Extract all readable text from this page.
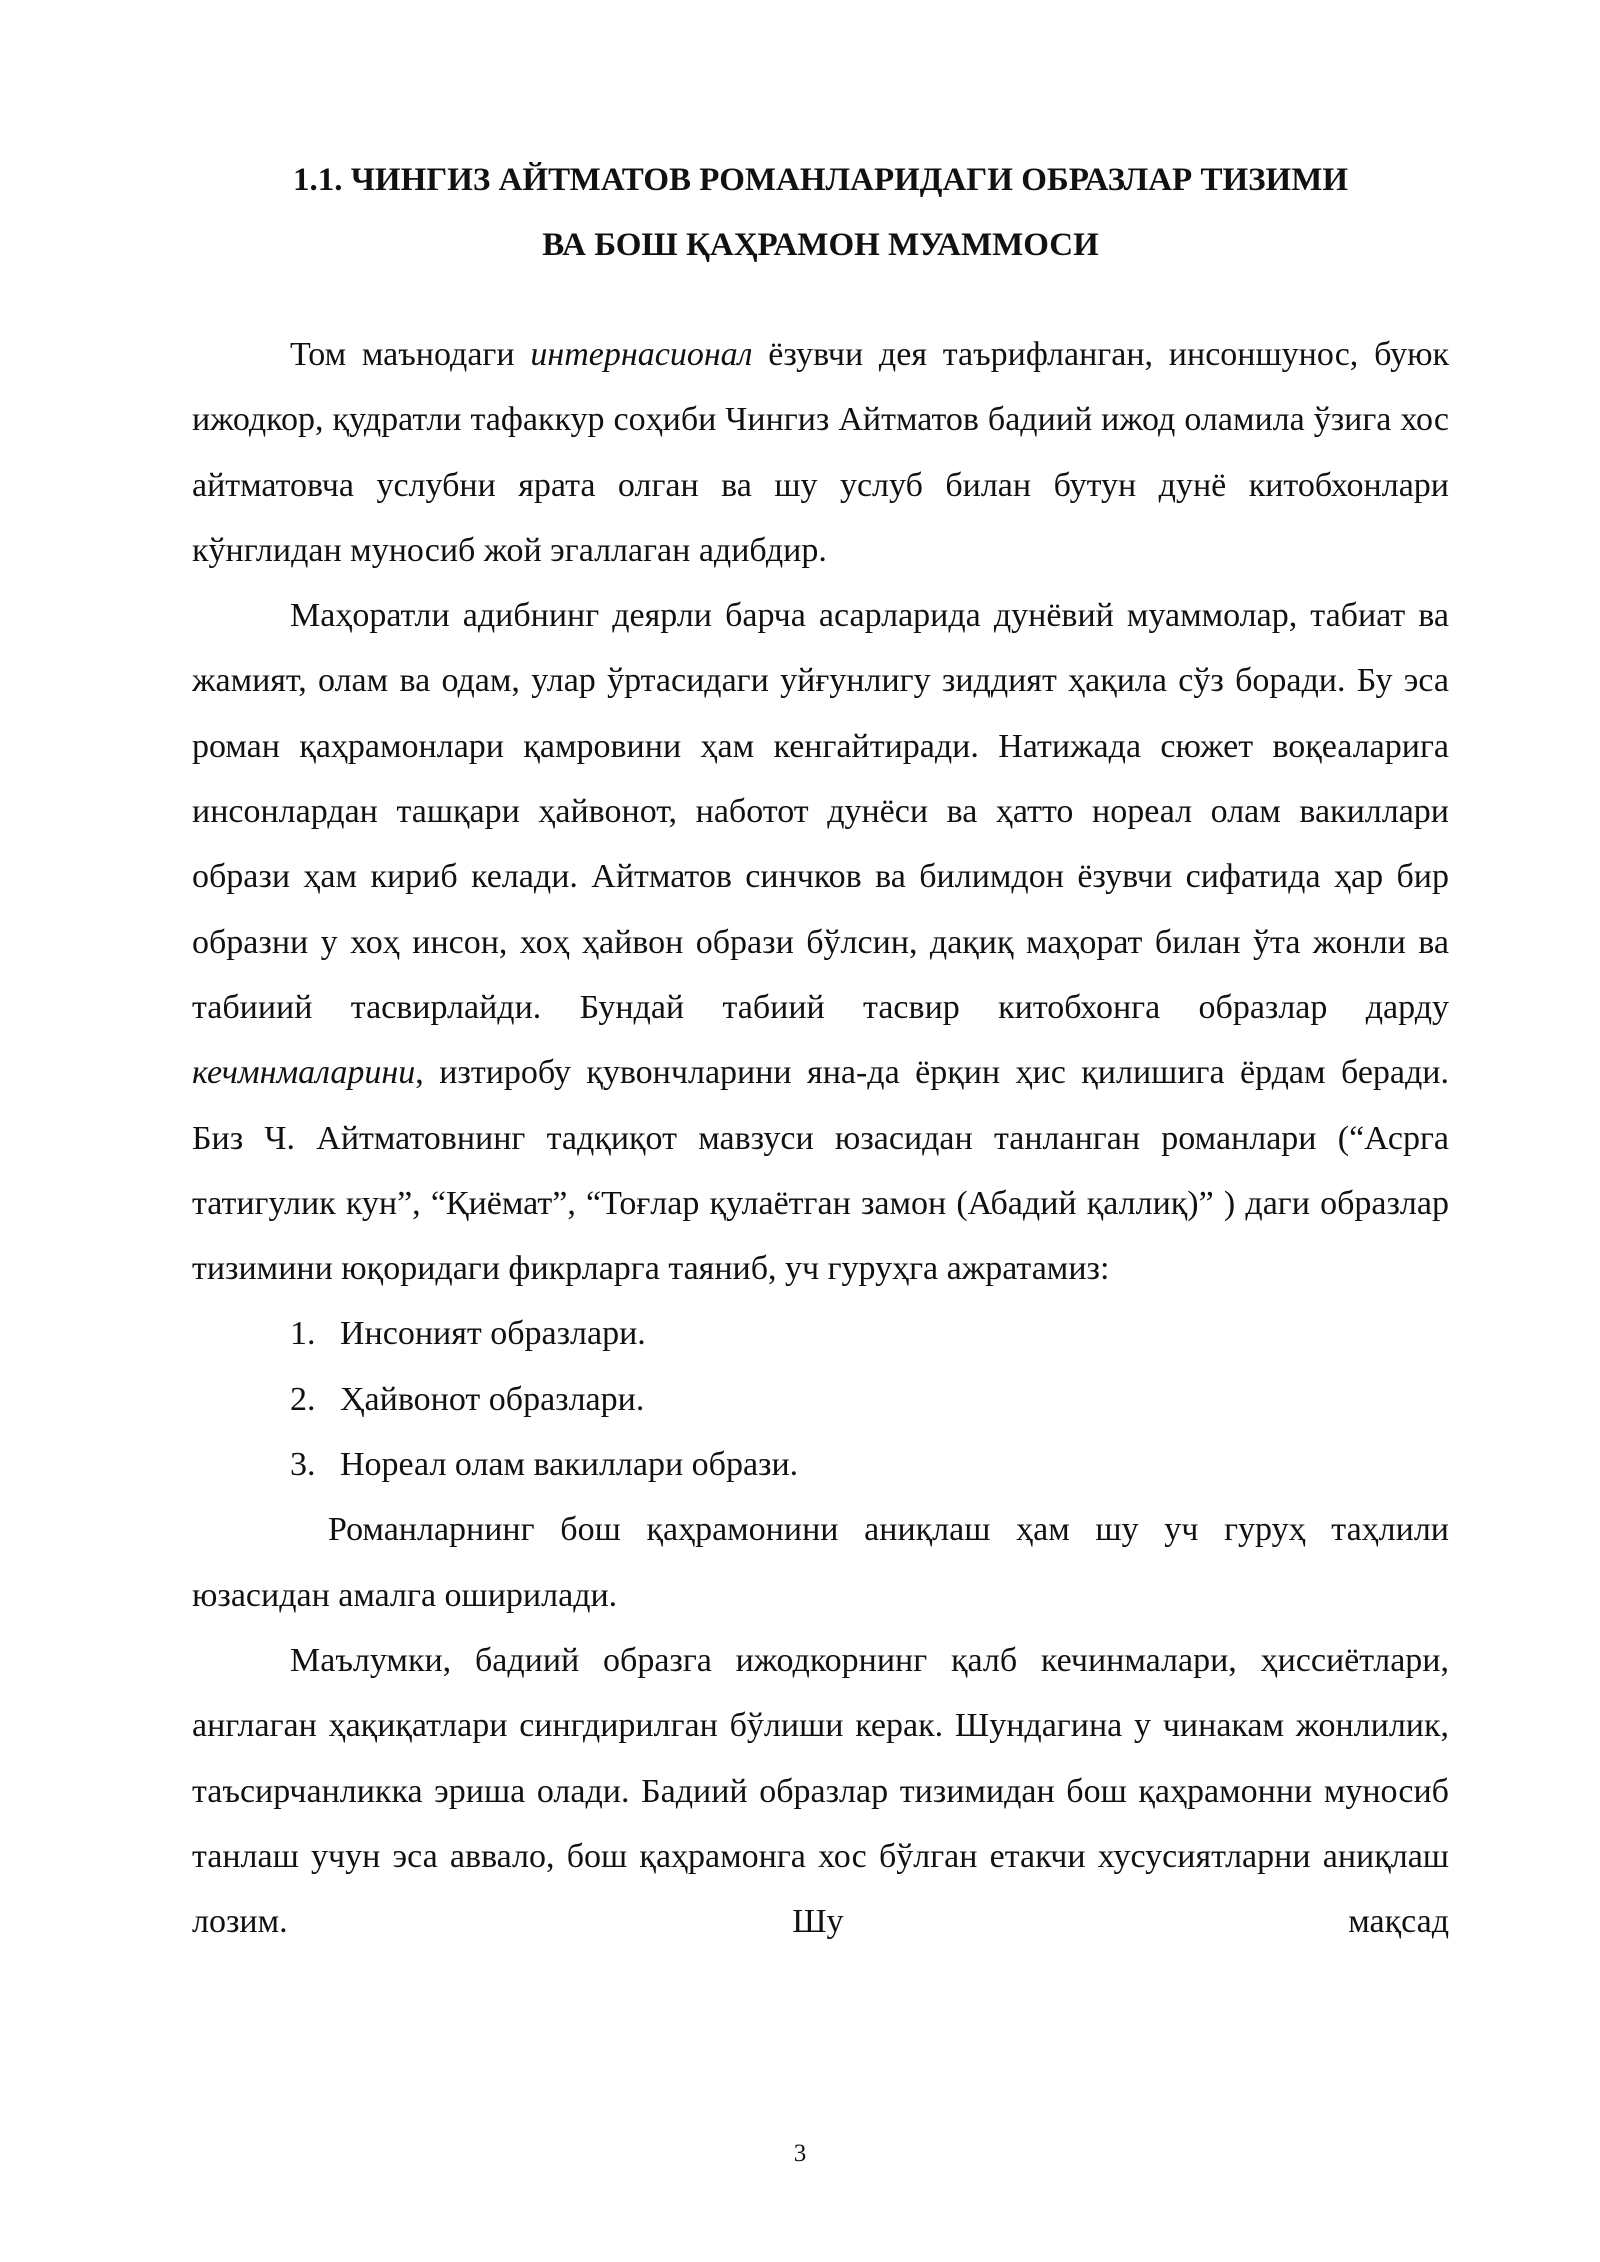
1.1. ЧИНГИЗ АЙТМАТОВ РОМАНЛАРИДАГИ ОБРАЗЛАР ТИЗИМИ
ВА БОШ ҚАҲРАМОН МУАММОСИ

Том маънодаги интернасионал ёзувчи дея таърифланган, инсоншунос, буюк ижодкор, қудратли тафаккур соҳиби Чингиз Айтматов бадиий ижод оламила ўзига хос айтматовча услубни ярата олган ва шу услуб билан бутун дунё китобхонлари кўнглидан муносиб жой эгаллаган адибдир.

Маҳоратли адибнинг деярли барча асарларида дунёвий муаммолар, табиат ва жамият, олам ва одам, улар ўртасидаги уйғунлигу зиддият ҳақила сўз боради. Бу эса роман қаҳрамонлари қамровини ҳам кенгайтиради. Натижада сюжет воқеаларига инсонлардан ташқари ҳайвонот, наботот дунёси ва ҳатто нореал олам вакиллари образи ҳам кириб келади. Айтматов синчков ва билимдон ёзувчи сифатида ҳар бир образни у хоҳ инсон, хоҳ ҳайвон образи бўлсин, дақиқ маҳорат билан ўта жонли ва табииий тасвирлайди. Бундай табиий тасвир китобхонга образлар дарду кечмнмаларини, изтиробу қувончларини яна-да ёрқин ҳис қилишига ёрдам беради. Биз Ч. Айтматовнинг тадқиқот мавзуси юзасидан танланган романлари (“Асрга татигулик кун”, “Қиёмат”, “Тоғлар қулаётган замон (Абадий қаллиқ)” ) даги образлар тизимини юқоридаги фикрларга таяниб, уч гуруҳга ажратамиз:

1. Инсоният образлари.
2. Ҳайвонот образлари.
3. Нореал олам вакиллари образи.

Романларнинг бош қаҳрамонини аниқлаш ҳам шу уч гуруҳ таҳлили юзасидан амалга оширилади.

Маълумки, бадиий образга ижодкорнинг қалб кечинмалари, ҳиссиётлари, англаган ҳақиқатлари сингдирилган бўлиши керак. Шундагина у чинакам жонлилик, таъсирчанликка эриша олади. Бадиий образлар тизимидан бош қаҳрамонни муносиб танлаш учун эса аввало, бош қаҳрамонга хос бўлган етакчи хусусиятларни аниқлаш лозим. Шу мақсад

3
